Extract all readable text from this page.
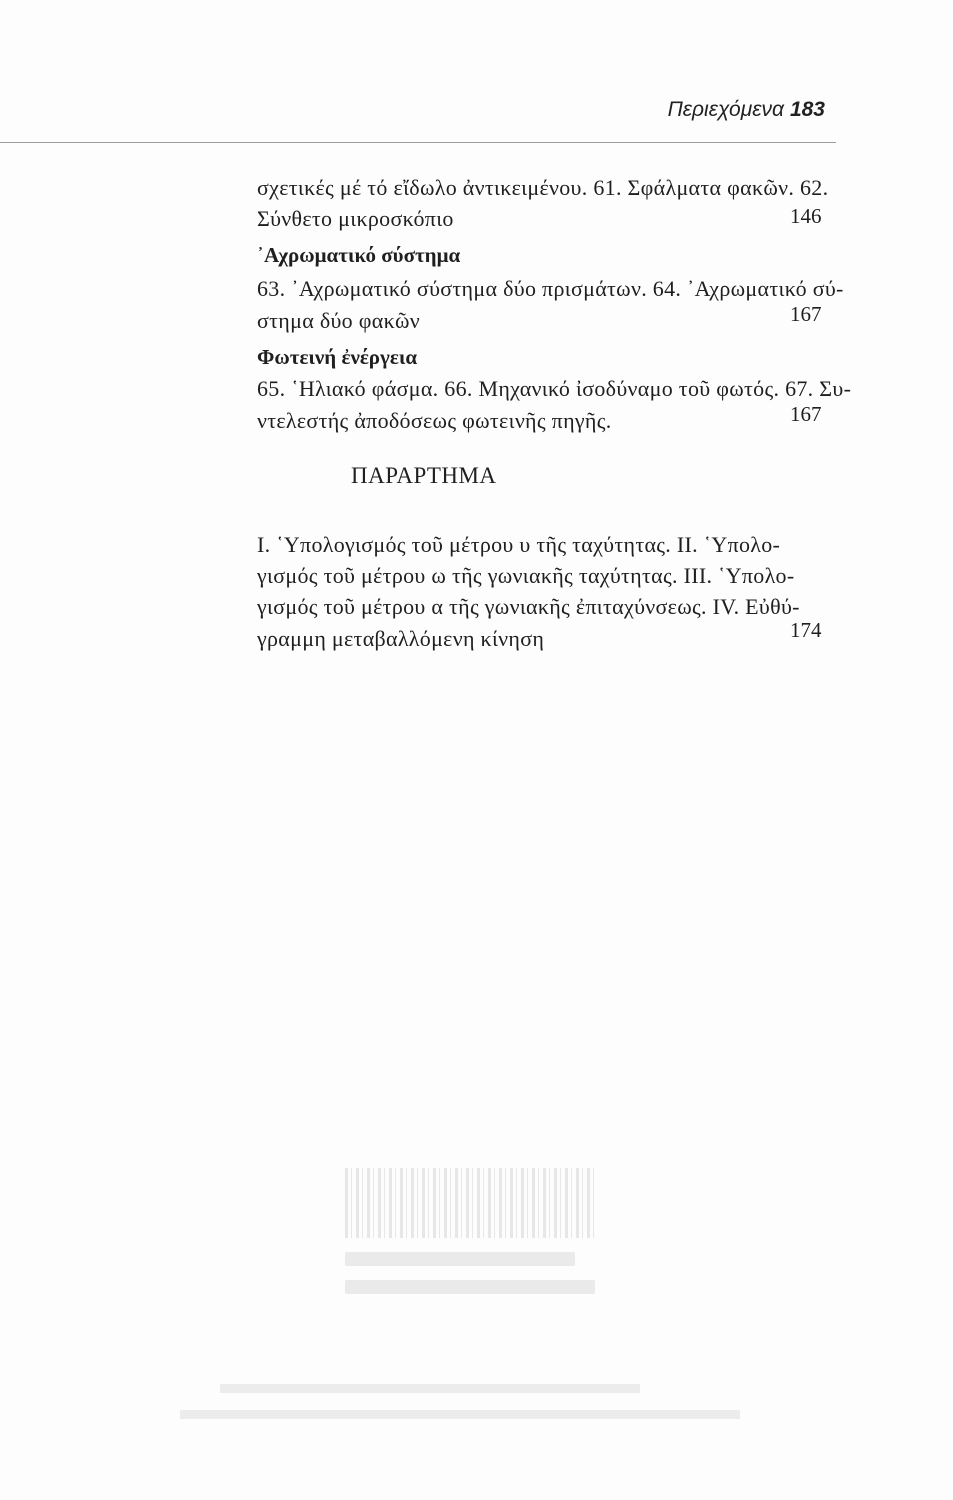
Περιεχόμενα 183
σχετικές μέ τό εἴδωλο ἀντικειμένου. 61. Σφάλματα φακῶν. 62.
Σύνθετο μικροσκόπιο	146
᾿Αχρωματικό σύστημα
63. ᾿Αχρωματικό σύστημα δύο πρισμάτων. 64. ᾿Αχρωματικό σύ-
στημα δύο φακῶν	167
Φωτεινή ἐνέργεια
65. ῾Ηλιακό φάσμα. 66. Μηχανικό ἰσοδύναμο τοῦ φωτός. 67. Συ-
ντελεστής ἀποδόσεως φωτεινῆς πηγῆς.	167
ΠΑΡΑΡΤΗΜΑ
Ι. ῾Υπολογισμός τοῦ μέτρου υ τῆς ταχύτητας. ΙΙ. ῾Υπολο-
γισμός τοῦ μέτρου ω τῆς γωνιακῆς ταχύτητας. ΙΙΙ. ῾Υπολο-
γισμός τοῦ μέτρου α τῆς γωνιακῆς ἐπιταχύνσεως. IV. Εὐθύ-
γραμμη μεταβαλλόμενη κίνηση	174
